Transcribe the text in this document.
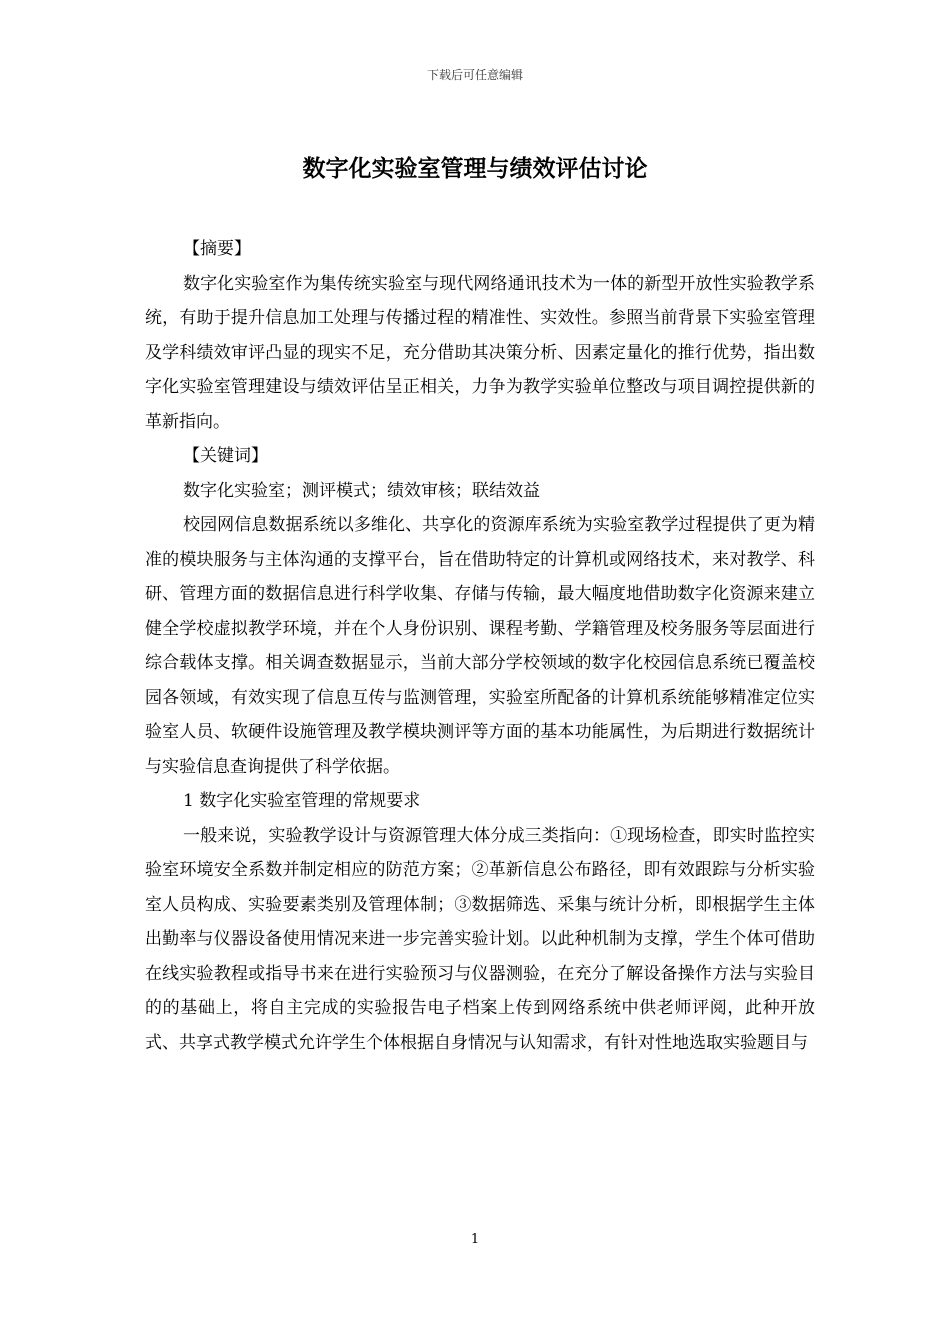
下载后可任意编辑
数字化实验室管理与绩效评估讨论

【摘要】

数字化实验室作为集传统实验室与现代网络通讯技术为一体的新型开放性实验教学系统，有助于提升信息加工处理与传播过程的精准性、实效性。参照当前背景下实验室管理及学科绩效审评凸显的现实不足，充分借助其决策分析、因素定量化的推行优势，指出数字化实验室管理建设与绩效评估呈正相关，力争为教学实验单位整改与项目调控提供新的革新指向。

【关键词】

数字化实验室；测评模式；绩效审核；联结效益

校园网信息数据系统以多维化、共享化的资源库系统为实验室教学过程提供了更为精准的模块服务与主体沟通的支撑平台，旨在借助特定的计算机或网络技术，来对教学、科研、管理方面的数据信息进行科学收集、存储与传输，最大幅度地借助数字化资源来建立健全学校虚拟教学环境，并在个人身份识别、课程考勤、学籍管理及校务服务等层面进行综合载体支撑。相关调查数据显示，当前大部分学校领域的数字化校园信息系统已覆盖校园各领域，有效实现了信息互传与监测管理，实验室所配备的计算机系统能够精准定位实验室人员、软硬件设施管理及教学模块测评等方面的基本功能属性，为后期进行数据统计与实验信息查询提供了科学依据。

1 数字化实验室管理的常规要求

一般来说，实验教学设计与资源管理大体分成三类指向：①现场检查，即实时监控实验室环境安全系数并制定相应的防范方案；②革新信息公布路径，即有效跟踪与分析实验室人员构成、实验要素类别及管理体制；③数据筛选、采集与统计分析，即根据学生主体出勤率与仪器设备使用情况来进一步完善实验计划。以此种机制为支撑，学生个体可借助在线实验教程或指导书来在进行实验预习与仪器测验，在充分了解设备操作方法与实验目的的基础上，将自主完成的实验报告电子档案上传到网络系统中供老师评阅，此种开放式、共享式教学模式允许学生个体根据自身情况与认知需求，有针对性地选取实验题目与

1
